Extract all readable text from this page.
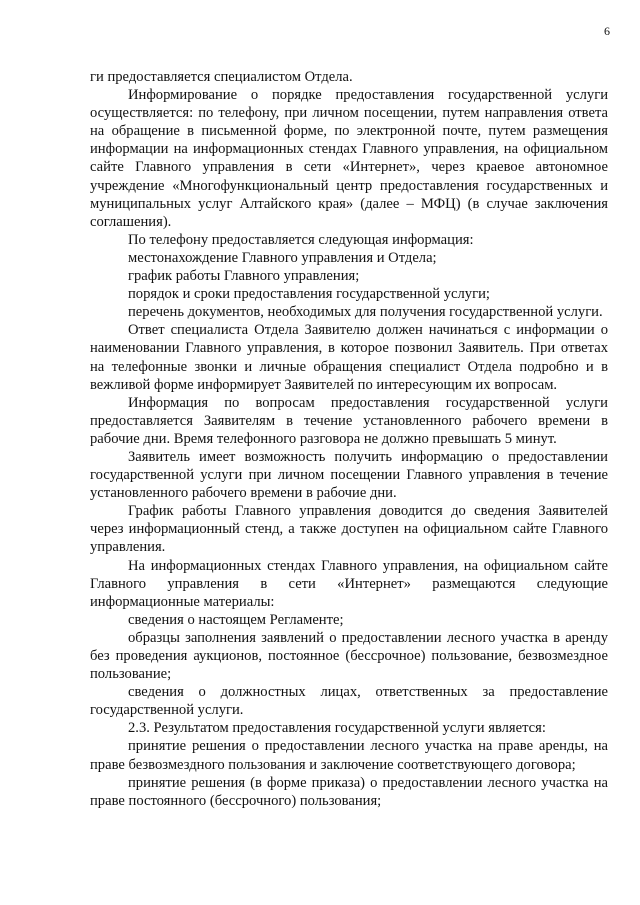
6

ги предоставляется специалистом Отдела.

Информирование о порядке предоставления государственной услуги осуществляется: по телефону, при личном посещении, путем направления ответа на обращение в письменной форме, по электронной почте, путем размещения информации на информационных стендах Главного управления, на официальном сайте Главного управления в сети «Интернет», через краевое автономное учреждение «Многофункциональный центр предоставления государственных и муниципальных услуг Алтайского края» (далее – МФЦ) (в случае заключения соглашения).

По телефону предоставляется следующая информация:

местонахождение Главного управления и Отдела;

график работы Главного управления;

порядок и сроки предоставления государственной услуги;

перечень документов, необходимых для получения государственной услуги.

Ответ специалиста Отдела Заявителю должен начинаться с информации о наименовании Главного управления, в которое позвонил Заявитель. При ответах на телефонные звонки и личные обращения специалист Отдела подробно и в вежливой форме информирует Заявителей по интересующим их вопросам.

Информация по вопросам предоставления государственной услуги предоставляется Заявителям в течение установленного рабочего времени в рабочие дни. Время телефонного разговора не должно превышать 5 минут.

Заявитель имеет возможность получить информацию о предоставлении государственной услуги при личном посещении Главного управления в течение установленного рабочего времени в рабочие дни.

График работы Главного управления доводится до сведения Заявителей через информационный стенд, а также доступен на официальном сайте Главного управления.

На информационных стендах Главного управления, на официальном сайте Главного управления в сети «Интернет» размещаются следующие информационные материалы:

сведения о настоящем Регламенте;

образцы заполнения заявлений о предоставлении лесного участка в аренду без проведения аукционов, постоянное (бессрочное) пользование, безвозмездное пользование;

сведения о должностных лицах, ответственных за предоставление государственной услуги.

2.3. Результатом предоставления государственной услуги является:

принятие решения о предоставлении лесного участка на праве аренды, на праве безвозмездного пользования и заключение соответствующего договора;

принятие решения (в форме приказа) о предоставлении лесного участка на праве постоянного (бессрочного) пользования;
